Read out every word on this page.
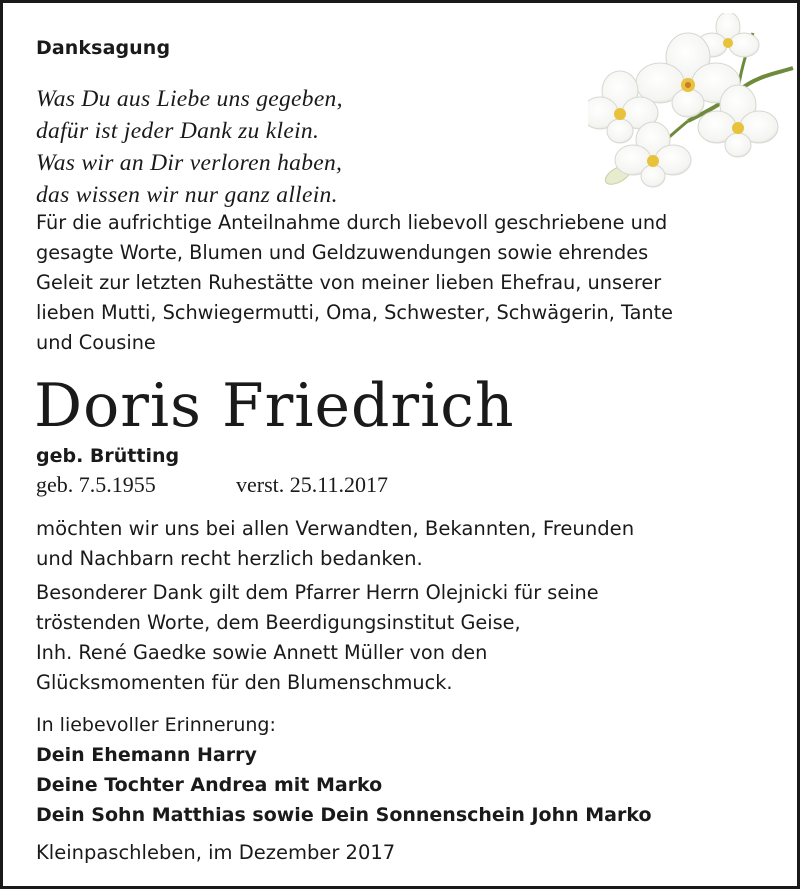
Danksagung
Was Du aus Liebe uns gegeben,
dafür ist jeder Dank zu klein.
Was wir an Dir verloren haben,
das wissen wir nur ganz allein.
Für die aufrichtige Anteilnahme durch liebevoll geschriebene und
gesagte Worte, Blumen und Geldzuwendungen sowie ehrendes
Geleit zur letzten Ruhestätte von meiner lieben Ehefrau, unserer
lieben Mutti, Schwiegermutti, Oma, Schwester, Schwägerin, Tante
und Cousine
Doris Friedrich
geb. Brütting
geb. 7.5.1955	verst. 25.11.2017
möchten wir uns bei allen Verwandten, Bekannten, Freunden
und Nachbarn recht herzlich bedanken.
Besonderer Dank gilt dem Pfarrer Herrn Olejnicki für seine
tröstenden Worte, dem Beerdigungsinstitut Geise,
Inh. René Gaedke sowie Annett Müller von den
Glücksmomenten für den Blumenschmuck.
In liebevoller Erinnerung:
Dein Ehemann Harry
Deine Tochter Andrea mit Marko
Dein Sohn Matthias sowie Dein Sonnenschein John Marko
Kleinpaschleben, im Dezember 2017
